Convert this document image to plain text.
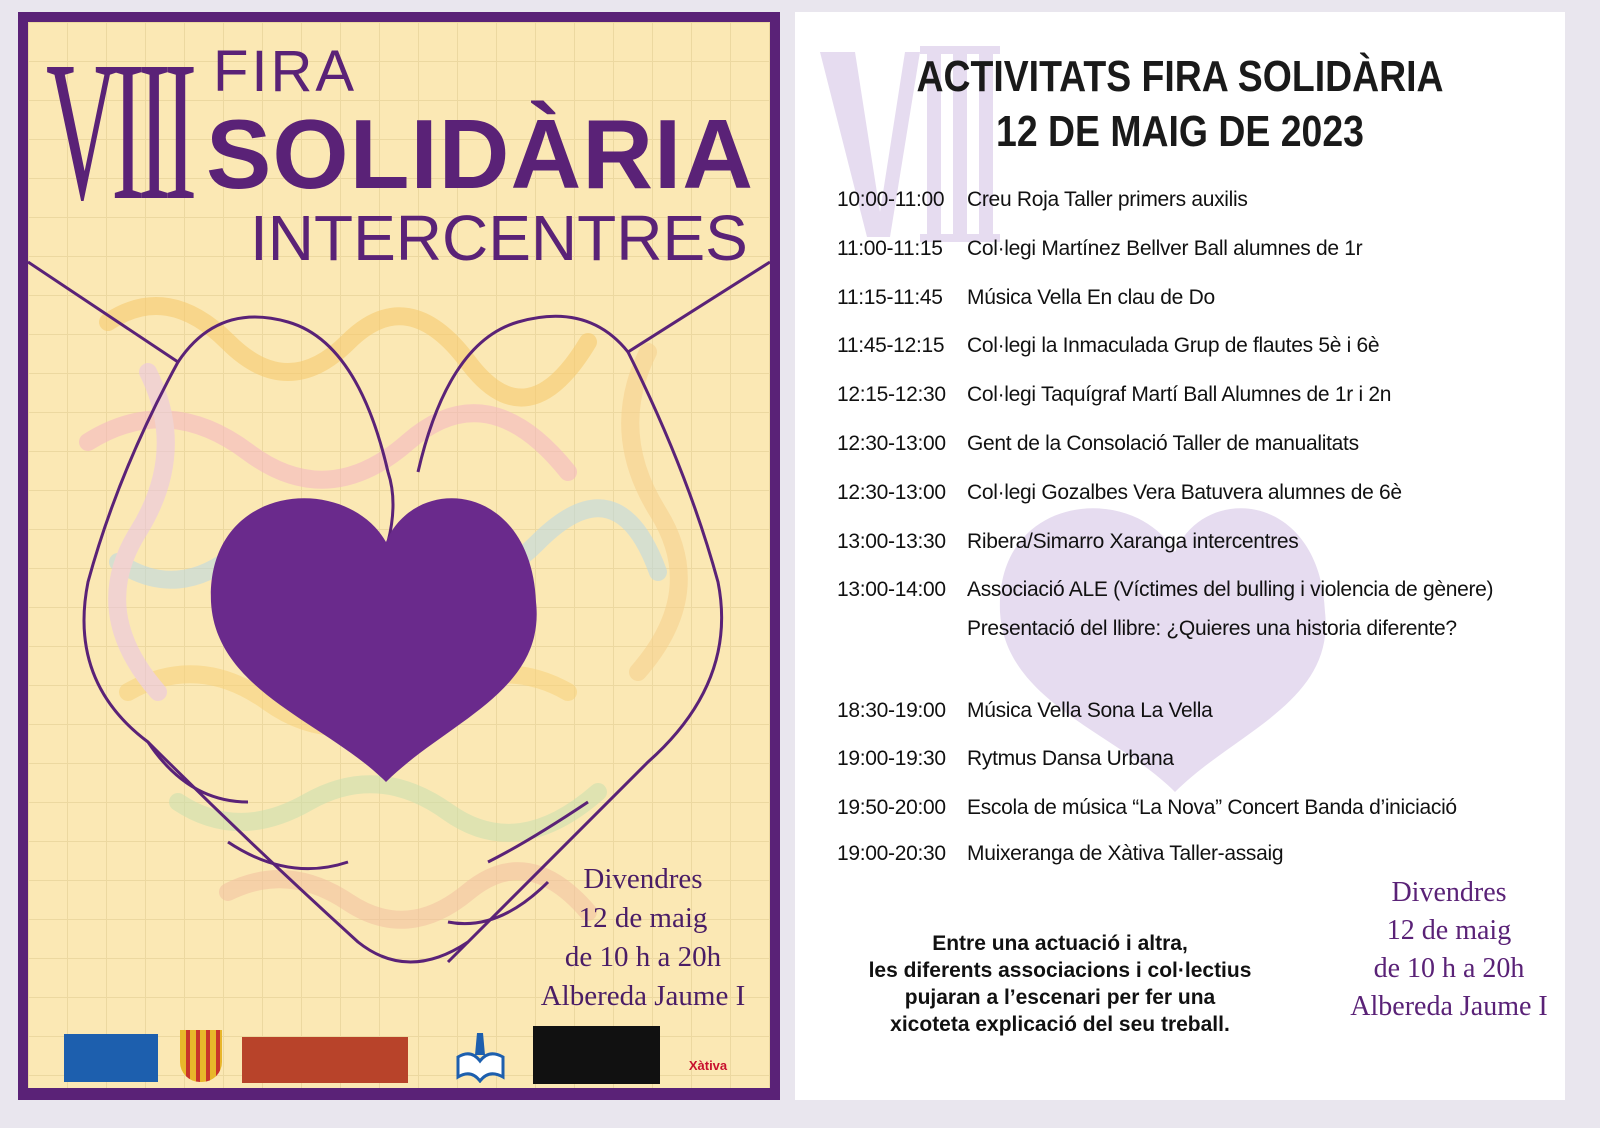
VIII FIRA
SOLIDÀRIA
INTERCENTRES
Divendres
12 de maig
de 10 h a 20h
Albereda Jaume I
Xàtiva
ACTIVITATS FIRA SOLIDÀRIA
12 DE MAIG DE 2023
10:00-11:00 Creu Roja Taller primers auxilis
11:00-11:15 Col·legi Martínez Bellver Ball alumnes de 1r
11:15-11:45 Música Vella En clau de Do
11:45-12:15 Col·legi la Inmaculada Grup de flautes 5è i 6è
12:15-12:30 Col·legi Taquígraf Martí Ball Alumnes de 1r i 2n
12:30-13:00 Gent de la Consolació Taller de manualitats
12:30-13:00 Col·legi Gozalbes Vera Batuvera alumnes de 6è
13:00-13:30 Ribera/Simarro Xaranga intercentres
13:00-14:00 Associació ALE (Víctimes del bulling i violencia de gènere)
Presentació del llibre: ¿Quieres una historia diferente?
18:30-19:00 Música Vella Sona La Vella
19:00-19:30 Rytmus Dansa Urbana
19:50-20:00 Escola de música “La Nova” Concert Banda d’iniciació
19:00-20:30 Muixeranga de Xàtiva Taller-assaig
Entre una actuació i altra,
les diferents associacions i col·lectius
pujaran a l’escenari per fer una
xicoteta explicació del seu treball.
Divendres
12 de maig
de 10 h a 20h
Albereda Jaume I
